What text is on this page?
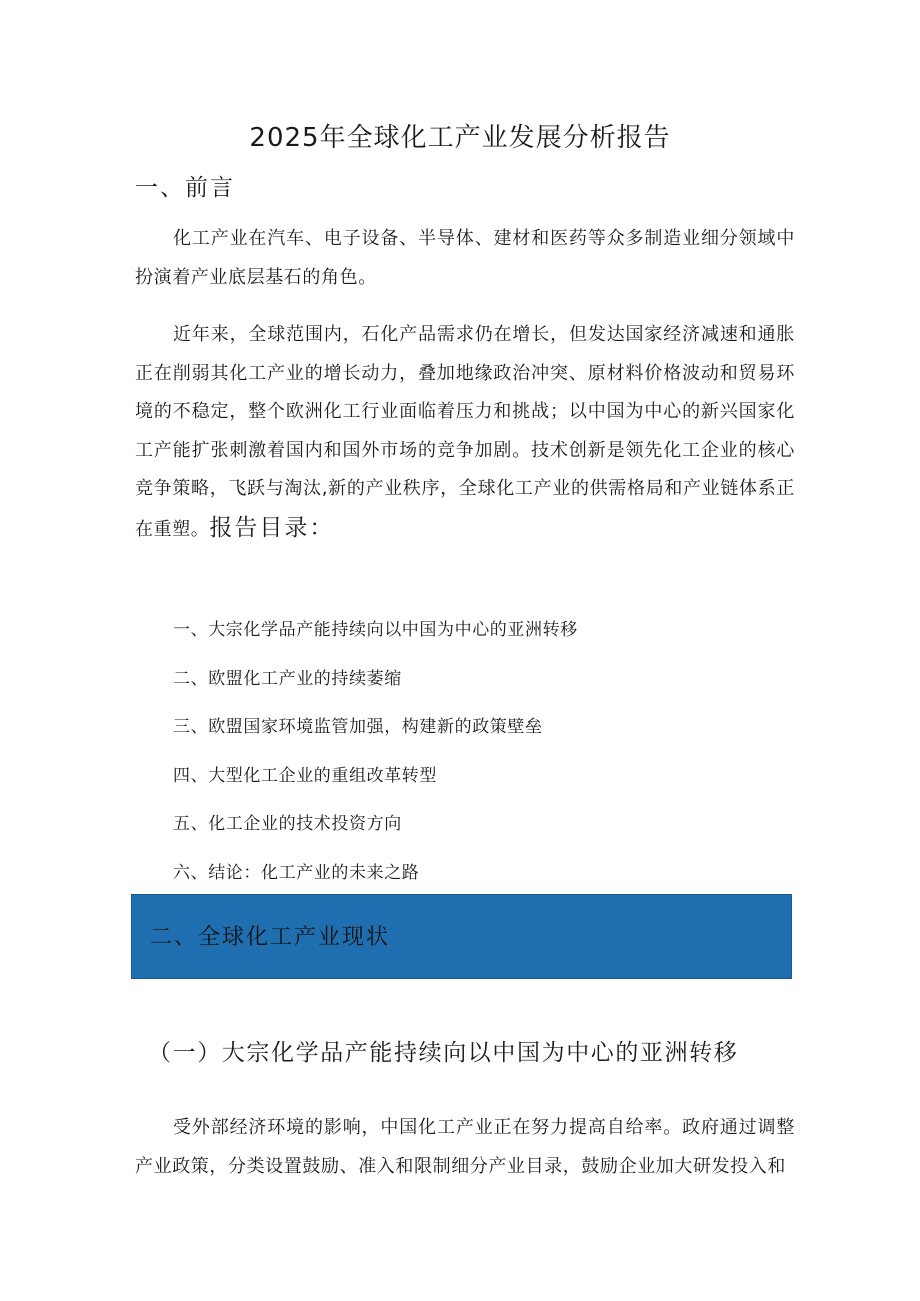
2025年全球化工产业发展分析报告
一、前言
化工产业在汽车、电子设备、半导体、建材和医药等众多制造业细分领域中扮演着产业底层基石的角色。
近年来，全球范围内，石化产品需求仍在增长，但发达国家经济减速和通胀正在削弱其化工产业的增长动力，叠加地缘政治冲突、原材料价格波动和贸易环境的不稳定，整个欧洲化工行业面临着压力和挑战；以中国为中心的新兴国家化工产能扩张刺激着国内和国外市场的竞争加剧。技术创新是领先化工企业的核心竞争策略，飞跃与淘汰,新的产业秩序，全球化工产业的供需格局和产业链体系正在重塑。报告目录：
一、大宗化学品产能持续向以中国为中心的亚洲转移
二、欧盟化工产业的持续萎缩
三、欧盟国家环境监管加强，构建新的政策壁垒
四、大型化工企业的重组改革转型
五、化工企业的技术投资方向
六、结论：化工产业的未来之路
二、全球化工产业现状
（一）大宗化学品产能持续向以中国为中心的亚洲转移
受外部经济环境的影响，中国化工产业正在努力提高自给率。政府通过调整产业政策，分类设置鼓励、准入和限制细分产业目录，鼓励企业加大研发投入和
